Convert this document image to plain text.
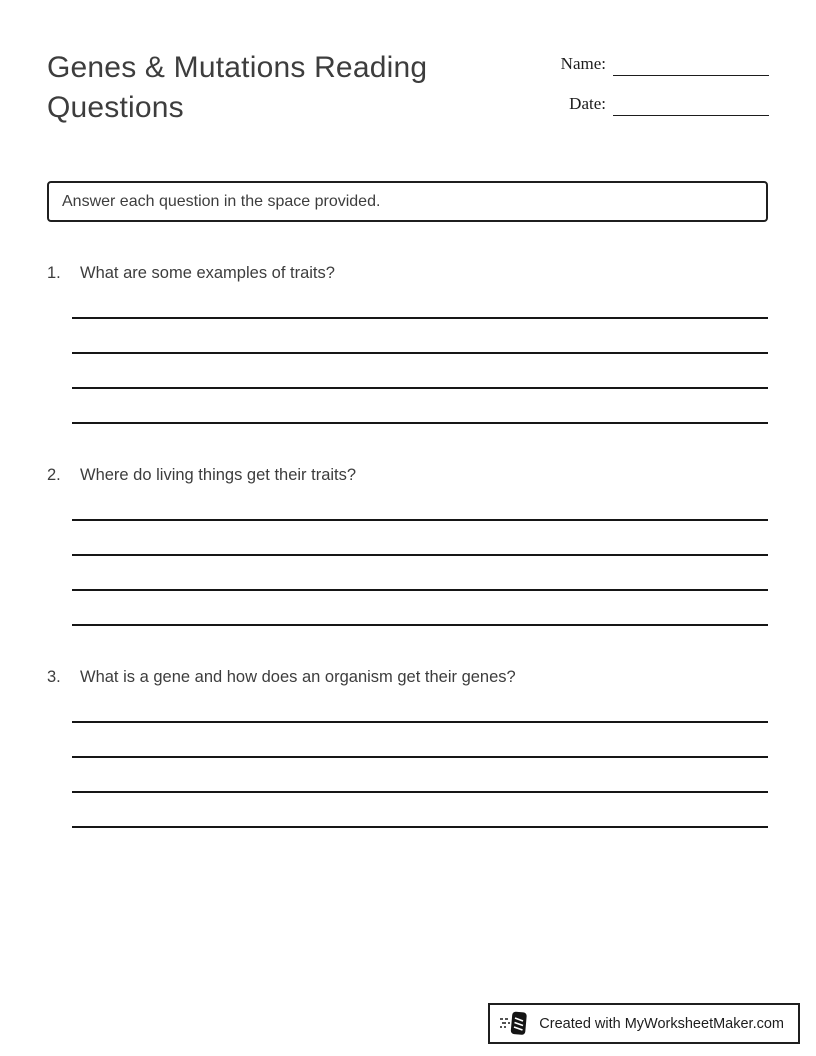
Genes & Mutations Reading Questions
Name:
Date:
Answer each question in the space provided.
1.	What are some examples of traits?
2.	Where do living things get their traits?
3.	What is a gene and how does an organism get their genes?
Created with MyWorksheetMaker.com
